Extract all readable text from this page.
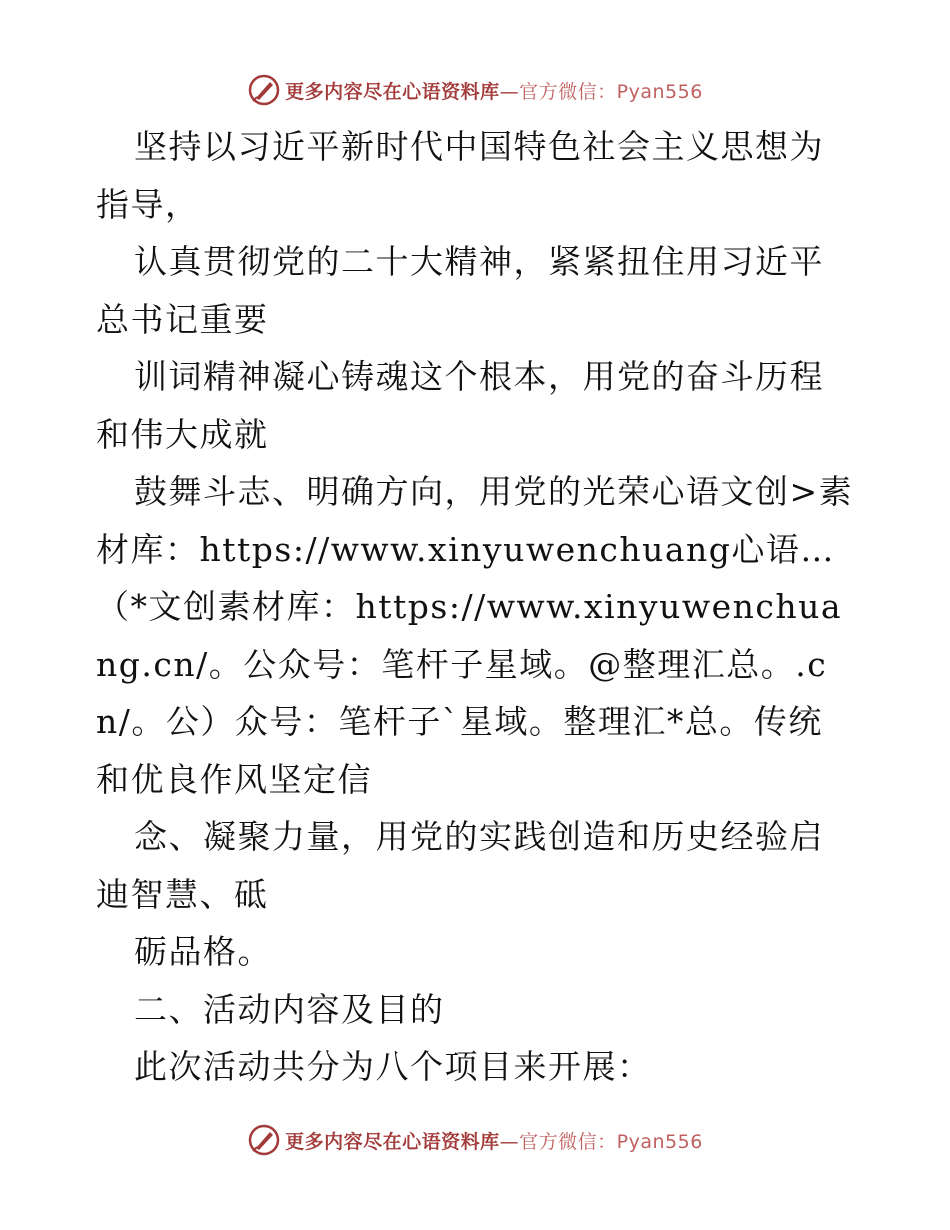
更多内容尽在心语资料库—官方微信：Pyan556

坚持以习近平新时代中国特色社会主义思想为指导，

认真贯彻党的二十大精神，紧紧扭住用习近平总书记重要

训词精神凝心铸魂这个根本，用党的奋斗历程和伟大成就

鼓舞斗志、明确方向，用党的光荣心语文创>素材库：https://www.xinyuwenchuang心语…（*文创素材库：https://www.xinyuwenchuang.cn/。公众号：笔杆子星域。@整理汇总。.cn/。公）众号：笔杆子`星域。整理汇*总。传统和优良作风坚定信

念、凝聚力量，用党的实践创造和历史经验启迪智慧、砥

砺品格。

二、活动内容及目的

此次活动共分为八个项目来开展：

更多内容尽在心语资料库—官方微信：Pyan556
